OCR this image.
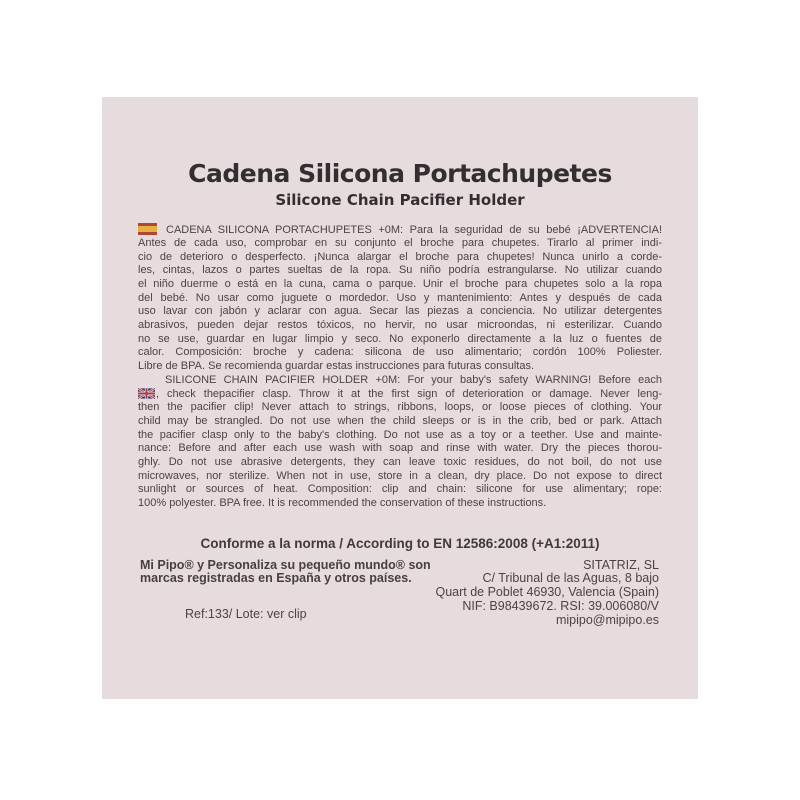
Cadena Silicona Portachupetes
Silicone Chain Pacifier Holder
CADENA SILICONA PORTACHUPETES +0M: Para la seguridad de su bebé ¡ADVERTENCIA!
Antes de cada uso, comprobar en su conjunto el broche para chupetes. Tirarlo al primer indi-
cio de deterioro o desperfecto. ¡Nunca alargar el broche para chupetes! Nunca unirlo a corde-
les, cintas, lazos o partes sueltas de la ropa. Su niño podría estrangularse. No utilizar cuando
el niño duerme o está en la cuna, cama o parque. Unir el broche para chupetes solo a la ropa
del bebé. No usar como juguete o mordedor. Uso y mantenimiento: Antes y después de cada
uso lavar con jabón y aclarar con agua. Secar las piezas a conciencia. No utilizar detergentes
abrasivos, pueden dejar restos tóxicos, no hervir, no usar microondas, ni esterilizar. Cuando
no se use, guardar en lugar limpio y seco. No exponerlo directamente a la luz o fuentes de
calor. Composición: broche y cadena: silicona de uso alimentario; cordón 100% Poliester.
Libre de BPA. Se recomienda guardar estas instrucciones para futuras consultas.
SILICONE CHAIN PACIFIER HOLDER +0M: For your baby's safety WARNING! Before each
, check thepacifier clasp. Throw it at the first sign of deterioration or damage. Never leng-
then the pacifier clip! Never attach to strings, ribbons, loops, or loose pieces of clothing. Your
child may be strangled. Do not use when the child sleeps or is in the crib, bed or park. Attach
the pacifier clasp only to the baby's clothing. Do not use as a toy or a teether. Use and mainte-
nance: Before and after each use wash with soap and rinse with water. Dry the pieces thorou-
ghly. Do not use abrasive detergents, they can leave toxic residues, do not boil, do not use
microwaves, nor sterilize. When not in use, store in a clean, dry place. Do not expose to direct
sunlight or sources of heat. Composition: clip and chain: silicone for use alimentary; rope:
100% polyester. BPA free. It is recommended the conservation of these instructions.
Conforme a la norma / According to EN 12586:2008 (+A1:2011)
Mi Pipo® y Personaliza su pequeño mundo® son
marcas registradas en España y otros países.
Ref:133/ Lote: ver clip
SITATRIZ, SL
C/ Tribunal de las Aguas, 8 bajo
Quart de Poblet 46930, Valencia (Spain)
NIF: B98439672. RSI: 39.006080/V
mipipo@mipipo.es
